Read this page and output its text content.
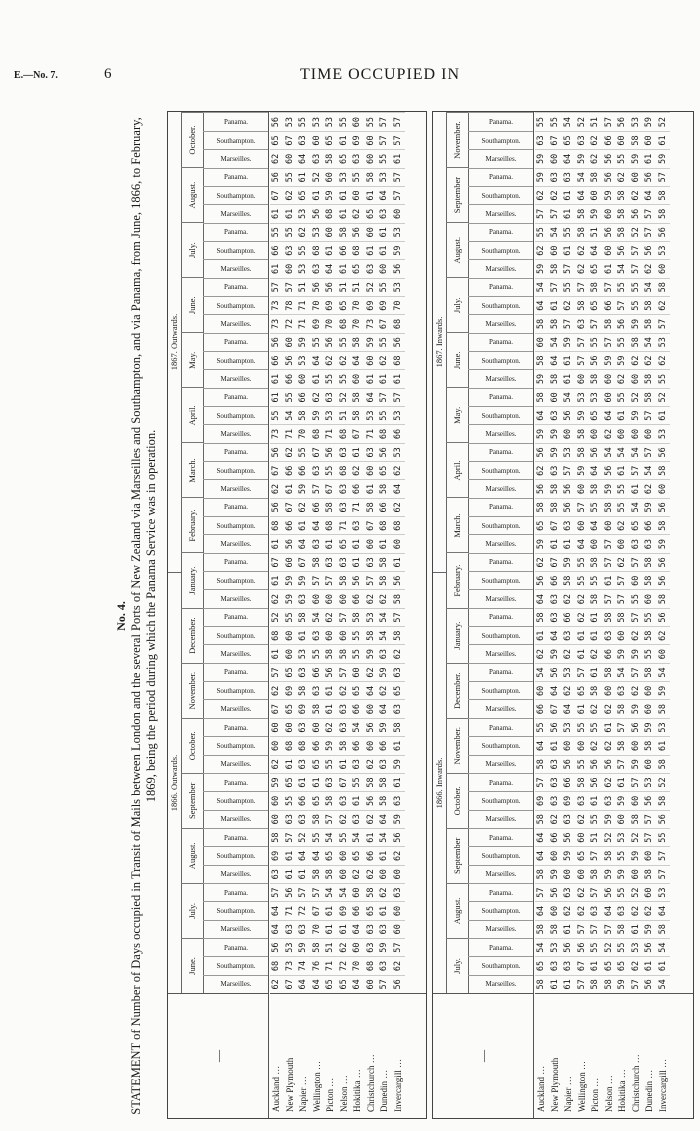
E.—No. 7.	6	TIME OCCUPIED IN
No. 4. STATEMENT of Number of Days occupied in Transit of Mails between London and the several Ports of New Zealand via Marseilles and Southampton, and via Panama, from June, 1866, to February, 1869, being the period during which the Panama Service was in operation.
—
1866. Outwards.
1867. Outwards.
June.
July.
August.
September
October.
November.
December.
January.
February.
March.
April.
May.
June.
July.
August.
October.
Marseilles.
Southampton.
Panama.
Marseilles.
Southampton.
Panama.
Marseilles.
Southampton.
Panama.
Marseilles.
Southampton.
Panama.
Marseilles.
Southampton.
Panama.
Marseilles.
Southampton.
Panama.
Marseilles.
Southampton.
Panama.
Marseilles.
Southampton.
Panama.
Marseilles.
Southampton.
Panama.
Marseilles.
Southampton.
Panama.
Marseilles.
Southampton.
Panama.
Marseilles.
Southampton.
Panama.
Marseilles.
Southampton.
Panama.
Marseilles.
Southampton.
Panama.
Marseilles.
Southampton.
Panama.
Marseilles.
Southampton.
Panama.
Auckland … New Plymouth Napier … Wellington … Picton … Nelson … Hokitika … Christchurch … Dunedin … Invercargill …
62
68
56
64
64
57
63
69
58
60
60
59
62
60
60
67
62
57
61
68
52
62
61
67
61
68
56
62
67
56
73
55
61
61
66
56
73
73
57
61
66
55
61
67
56
62
65
56
67
73
53
63
71
56
61
61
57
63
55
65
61
68
60
65
69
65
60
60
55
59
59
60
56
66
67
61
66
62
71
54
55
66
56
60
72
78
57
60
63
55
61
62
55
60
67
53
64
74
59
63
72
57
61
64
52
63
66
61
63
68
63
69
58
63
53
61
58
63
59
67
64
61
62
59
66
55
70
58
66
60
53
59
71
71
51
53
55
62
53
65
61
64
63
55
64
76
58
70
67
57
58
64
55
58
65
61
65
66
60
58
63
66
55
63
54
60
57
58
63
64
66
57
63
67
68
59
62
61
64
55
69
70
56
63
68
53
56
61
52
63
60
53
65
71
51
61
61
54
58
65
54
57
58
63
55
59
62
61
61
56
58
60
62
60
57
63
61
68
58
67
55
56
71
53
63
55
62
56
70
69
56
64
61
60
68
59
60
58
65
53
65
72
62
61
69
54
60
60
55
62
63
67
61
58
63
63
62
57
58
60
57
60
58
63
65
71
63
63
68
63
68
51
52
55
62
55
68
65
51
61
66
58
61
61
53
65
61
55
64
70
60
64
66
60
62
65
54
63
61
55
63
66
54
66
65
60
55
55
58
66
56
61
61
63
71
66
62
61
67
58
58
60
64
58
70
70
51
65
68
56
62
60
55
63
69
60
60
68
63
63
65
58
62
66
61
62
56
58
62
60
56
60
64
62
59
58
53
62
57
63
60
67
58
61
60
63
71
53
64
61
60
59
73
69
52
63
61
60
65
61
58
60
60
55
57
63
59
63
61
62
60
61
54
64
58
58
63
66
59
64
62
59
63
54
54
62
58
58
61
68
66
58
65
56
68
55
57
61
62
55
67
69
55
60
61
61
63
64
53
55
57
57
56
62
57
60
60
63
60
62
56
59
63
61
59
61
58
63
65
63
62
58
57
58
56
61
60
68
62
64
62
53
66
53
57
61
68
56
68
70
53
56
59
53
60
57
57
61
57
57
—
1866. Inwards.
1867. Inwards.
July.
August.
September
October.
November.
December.
January.
February.
March.
April.
May.
June.
July.
August.
September
November.
Marseilles.
Southampton.
Panama.
Marseilles.
Southampton.
Panama.
Marseilles.
Southampton.
Panama.
Marseilles.
Southampton.
Panama.
Marseilles.
Southampton.
Panama.
Marseilles.
Southampton.
Panama.
Marseilles.
Southampton.
Panama.
Marseilles.
Southampton.
Panama.
Marseilles.
Southampton.
Panama.
Marseilles.
Southampton.
Panama.
Marseilles.
Southampton.
Panama.
Marseilles.
Southampton.
Panama.
Marseilles.
Southampton.
Panama.
Marseilles.
Southampton.
Panama.
Marseilles.
Southampton.
Panama.
Marseilles.
Southampton.
Panama.
Auckland … New Plymouth Napier … Wellington … Picton … Nelson … Hokitika … Christchurch … Dunedin … Invercargill …
58
65
54
58
64
57
58
64
64
58
69
57
58
64
55
66
60
54
62
61
58
64
56
62
59
65
58
56
62
56
59
64
58
59
58
60
58
64
54
59
62
55
57
62
59
59
63
55
61
63
53
58
60
56
59
60
66
62
63
63
63
61
56
67
64
56
59
64
63
63
66
67
61
67
58
58
63
59
59
63
60
58
64
54
58
61
57
58
60
54
57
62
63
60
67
55
61
63
56
61
62
63
60
59
56
63
69
66
56
60
53
64
62
53
62
63
66
62
58
59
61
63
56
56
57
53
60
56
54
61
61
59
57
62
55
57
61
55
61
61
63
64
65
54
57
67
56
57
62
62
60
65
60
62
63
58
55
60
55
61
65
57
61
61
62
62
55
55
64
60
57
60
59
58
58
59
53
60
57
57
63
58
57
62
62
58
58
64
54
59
63
52
58
61
55
57
63
57
58
57
51
55
61
56
56
62
55
62
58
61
62
61
61
58
55
58
60
64
55
58
64
56
60
65
53
58
56
55
57
65
58
65
64
51
59
60
58
62
62
51
58
65
52
57
64
56
59
58
52
59
63
62
56
62
61
62
60
58
66
63
58
57
61
57
57
60
58
59
56
54
62
64
60
60
59
57
58
66
57
61
60
56
60
59
56
56
66
57
59
65
55
58
63
55
59
55
53
60
59
61
57
58
57
58
63
54
59
60
58
57
57
62
60
62
55
55
61
54
60
61
55
62
59
55
56
57
55
54
56
58
58
58
62
55
60
56
57
62
53
61
62
52
60
59
52
58
60
57
59
60
56
59
62
57
59
62
57
55
60
57
63
65
54
61
57
54
60
59
52
60
62
58
59
55
55
57
57
52
56
62
60
59
58
53
56
61
56
59
62
60
58
60
57
57
56
53
60
58
59
60
60
58
55
58
55
60
58
58
63
66
59
62
54
57
60
57
58
58
62
54
58
58
54
62
56
57
57
64
56
61
60
59
54
61
54
58
64
53
57
57
55
56
58
52
58
61
53
58
59
54
60
62
56
58
56
56
59
58
56
60
58
56
53
61
52
55
62
53
57
62
58
60
53
56
58
58
57
59
61
52
